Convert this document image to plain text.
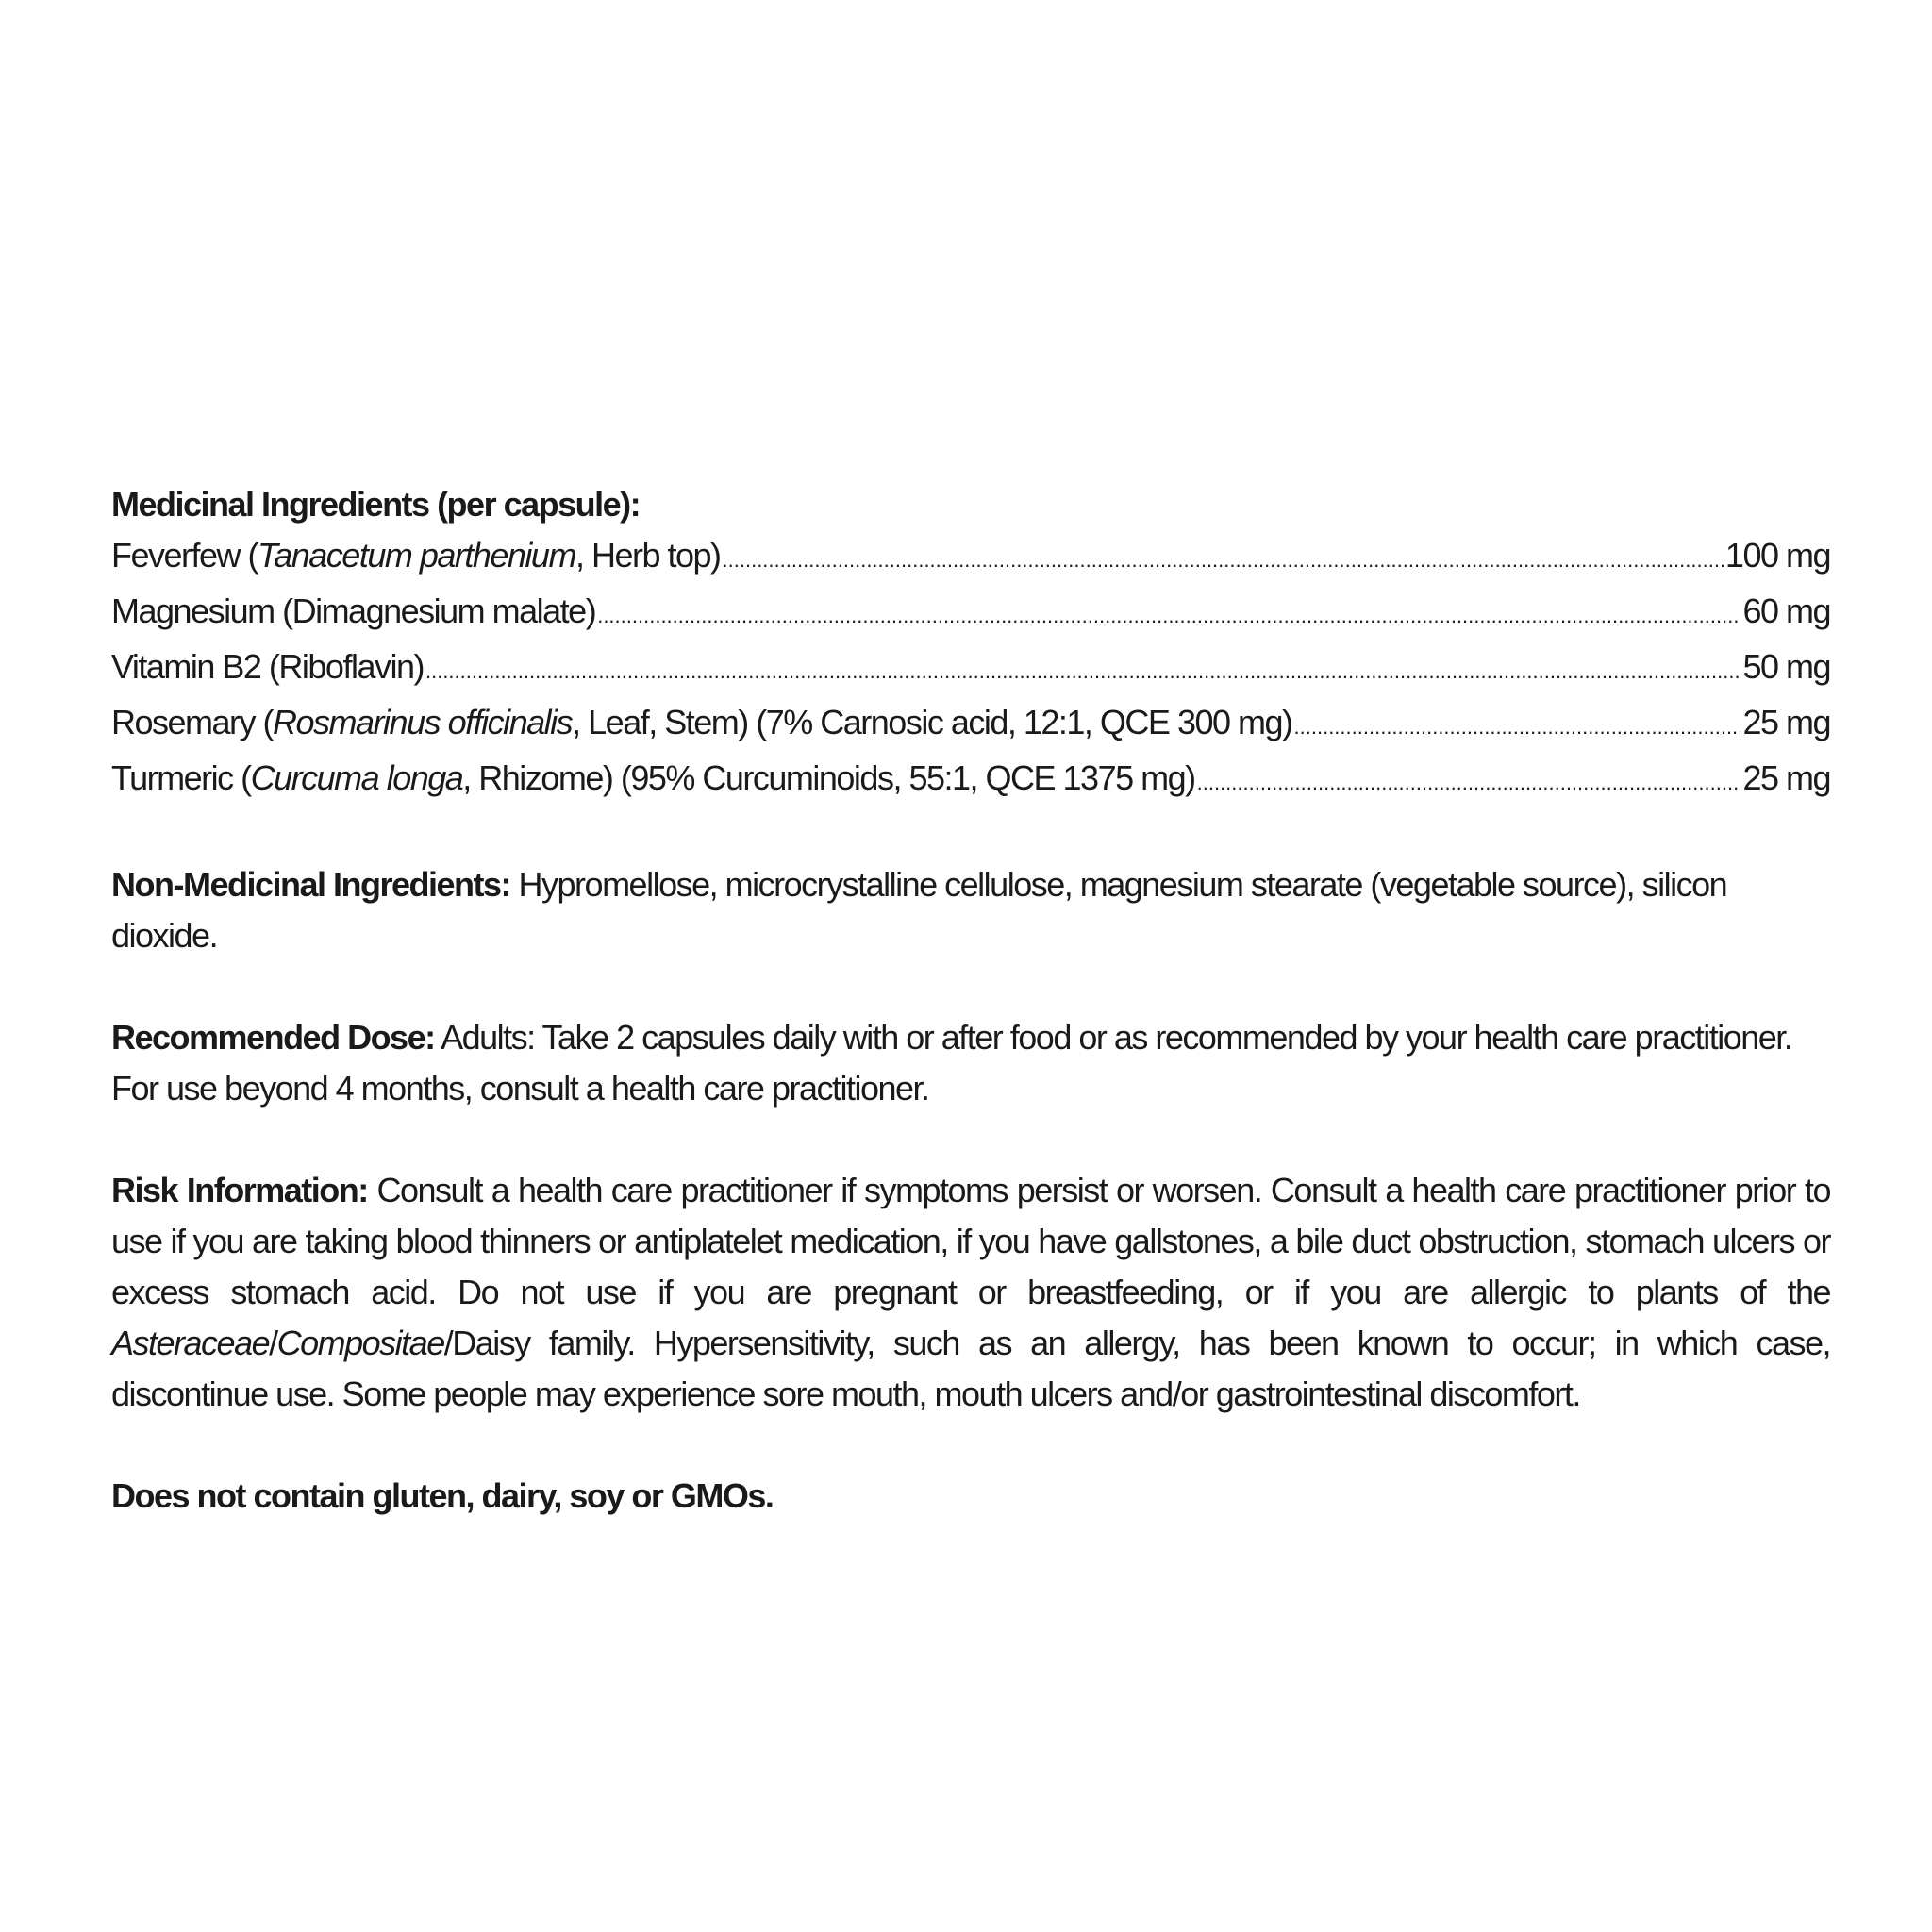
Medicinal Ingredients (per capsule):
Feverfew (Tanacetum parthenium, Herb top) .....	100 mg
Magnesium (Dimagnesium malate) .....	60 mg
Vitamin B2 (Riboflavin) .....	50 mg
Rosemary (Rosmarinus officinalis, Leaf, Stem) (7% Carnosic acid, 12:1, QCE 300 mg) .....	25 mg
Turmeric (Curcuma longa, Rhizome) (95% Curcuminoids, 55:1, QCE 1375 mg) .....	25 mg

Non-Medicinal Ingredients: Hypromellose, microcrystalline cellulose, magnesium stearate (vegetable source), silicon dioxide.

Recommended Dose: Adults: Take 2 capsules daily with or after food or as recommended by your health care practitioner. For use beyond 4 months, consult a health care practitioner.

Risk Information: Consult a health care practitioner if symptoms persist or worsen. Consult a health care practitioner prior to use if you are taking blood thinners or antiplatelet medication, if you have gallstones, a bile duct obstruction, stomach ulcers or excess stomach acid. Do not use if you are pregnant or breastfeeding, or if you are allergic to plants of the Asteraceae/Compositae/Daisy family. Hypersensitivity, such as an allergy, has been known to occur; in which case, discontinue use. Some people may experience sore mouth, mouth ulcers and/or gastrointestinal discomfort.

Does not contain gluten, dairy, soy or GMOs.
